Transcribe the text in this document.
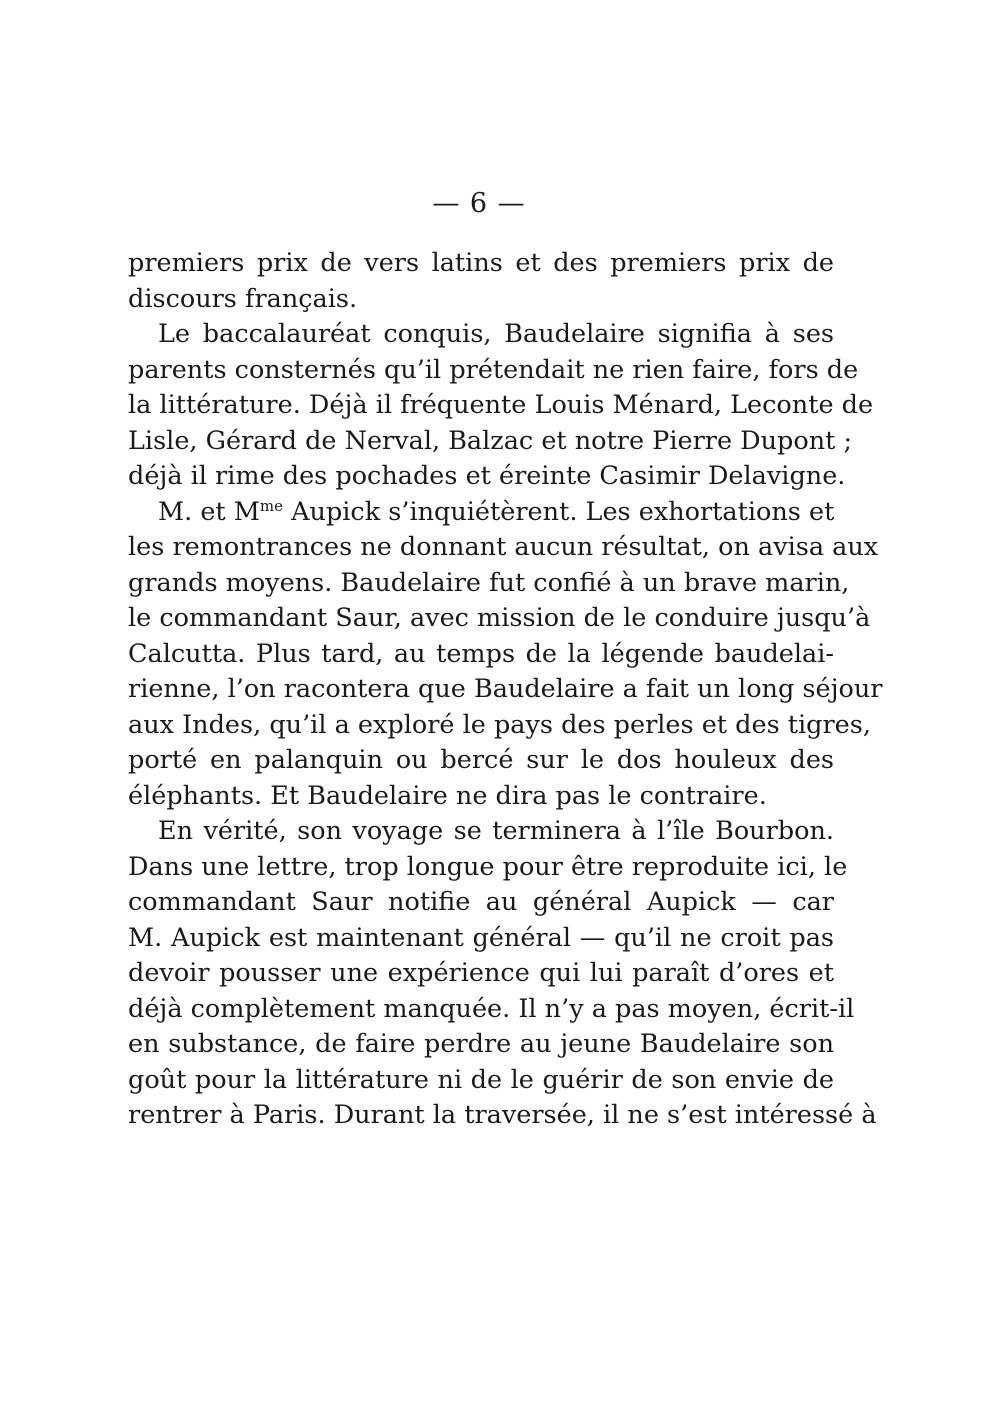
— 6 —
premiers prix de vers latins et des premiers prix de
discours français.
Le baccalauréat conquis, Baudelaire signifia à ses
parents consternés qu’il prétendait ne rien faire, fors de
la littérature. Déjà il fréquente Louis Ménard, Leconte de
Lisle, Gérard de Nerval, Balzac et notre Pierre Dupont ;
déjà il rime des pochades et éreinte Casimir Delavigne.
M. et $M^{me}$ Aupick s’inquiétèrent. Les exhortations et
les remontrances ne donnant aucun résultat, on avisa aux
grands moyens. Baudelaire fut confié à un brave marin,
le commandant Saur, avec mission de le conduire jusqu’à
Calcutta. Plus tard, au temps de la légende baudelai-
rienne, l’on racontera que Baudelaire a fait un long séjour
aux Indes, qu’il a exploré le pays des perles et des tigres,
porté en palanquin ou bercé sur le dos houleux des
éléphants. Et Baudelaire ne dira pas le contraire.
En vérité, son voyage se terminera à l’île Bourbon.
Dans une lettre, trop longue pour être reproduite ici, le
commandant Saur notifie au général Aupick — car
M. Aupick est maintenant général — qu’il ne croit pas
devoir pousser une expérience qui lui paraît d’ores et
déjà complètement manquée. Il n’y a pas moyen, écrit-il
en substance, de faire perdre au jeune Baudelaire son
goût pour la littérature ni de le guérir de son envie de
rentrer à Paris. Durant la traversée, il ne s’est intéressé à
